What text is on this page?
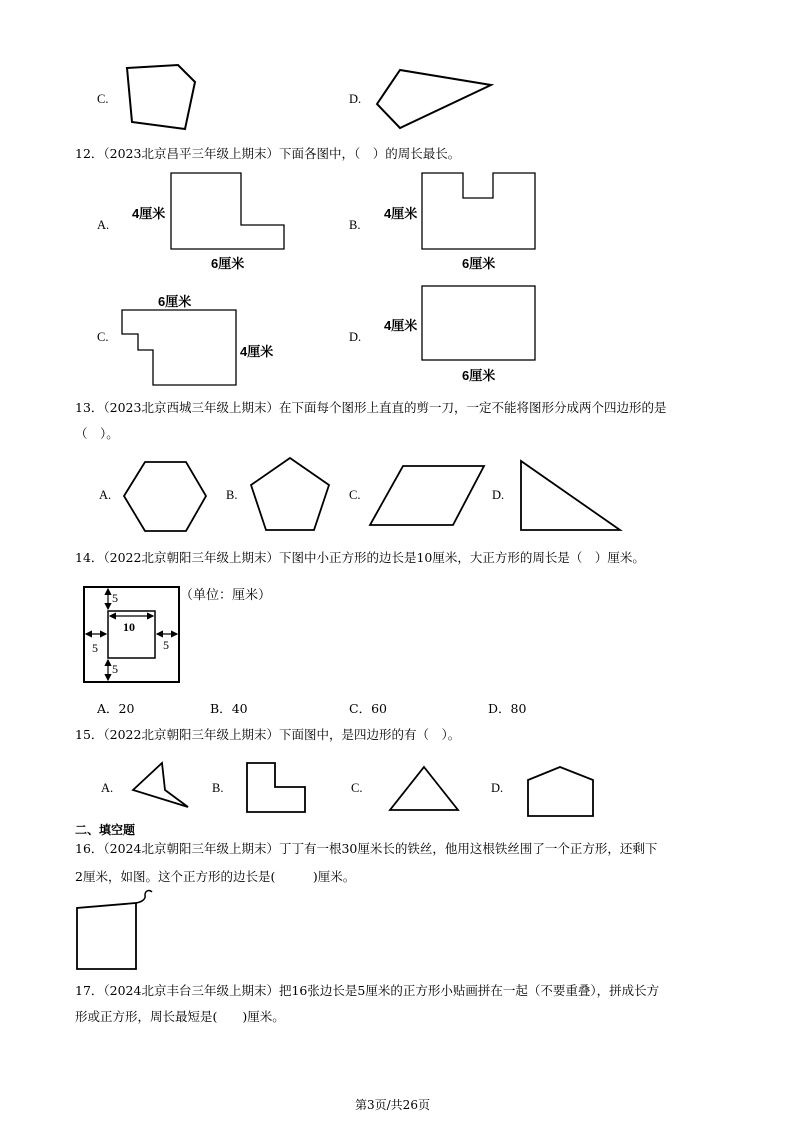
C.	D.
12．（2023北京昌平三年级上期末）下面各图中，（　）的周长最长。
A.
4厘米
6厘米
B.
4厘米
6厘米
C.
6厘米
4厘米
D.
4厘米
6厘米
13．（2023北京西城三年级上期末）在下面每个图形上直直的剪一刀，一定不能将图形分成两个四边形的是
（　）。
A.	B.	C.	D.
14．（2022北京朝阳三年级上期末）下图中小正方形的边长是10厘米，大正方形的周长是（　）厘米。
5
10
5	5
5
（单位：厘米）
A．20	B．40	C．60	D．80
15．（2022北京朝阳三年级上期末）下面图中，是四边形的有（　）。
A.	B.	C.	D.
二、填空题
16．（2024北京朝阳三年级上期末）丁丁有一根30厘米长的铁丝，他用这根铁丝围了一个正方形，还剩下
2厘米，如图。这个正方形的边长是(　　　)厘米。
17．（2024北京丰台三年级上期末）把16张边长是5厘米的正方形小贴画拼在一起（不要重叠），拼成长方
形或正方形，周长最短是(　　)厘米。
第3页/共26页
